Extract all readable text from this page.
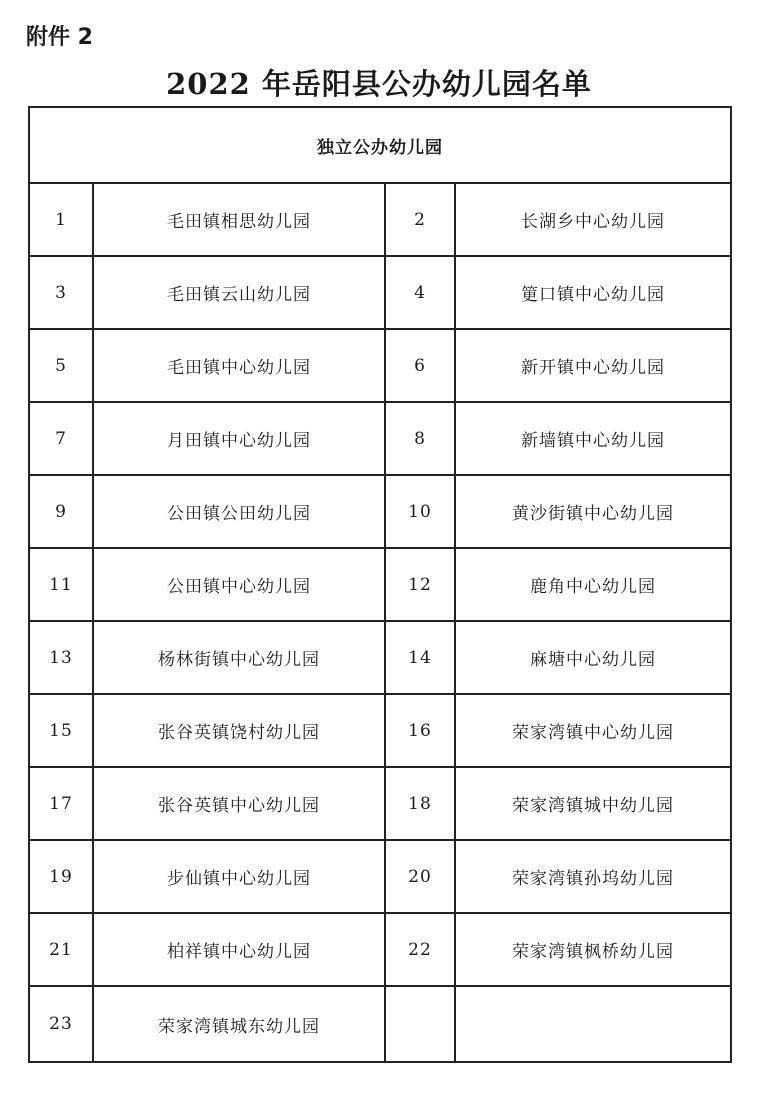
附件 2
2022 年岳阳县公办幼儿园名单
独立公办幼儿园			
1	毛田镇相思幼儿园	2	长湖乡中心幼儿园
3	毛田镇云山幼儿园	4	筻口镇中心幼儿园
5	毛田镇中心幼儿园	6	新开镇中心幼儿园
7	月田镇中心幼儿园	8	新墙镇中心幼儿园
9	公田镇公田幼儿园	10	黄沙街镇中心幼儿园
11	公田镇中心幼儿园	12	鹿角中心幼儿园
13	杨林街镇中心幼儿园	14	麻塘中心幼儿园
15	张谷英镇饶村幼儿园	16	荣家湾镇中心幼儿园
17	张谷英镇中心幼儿园	18	荣家湾镇城中幼儿园
19	步仙镇中心幼儿园	20	荣家湾镇孙坞幼儿园
21	柏祥镇中心幼儿园	22	荣家湾镇枫桥幼儿园
23	荣家湾镇城东幼儿园		
